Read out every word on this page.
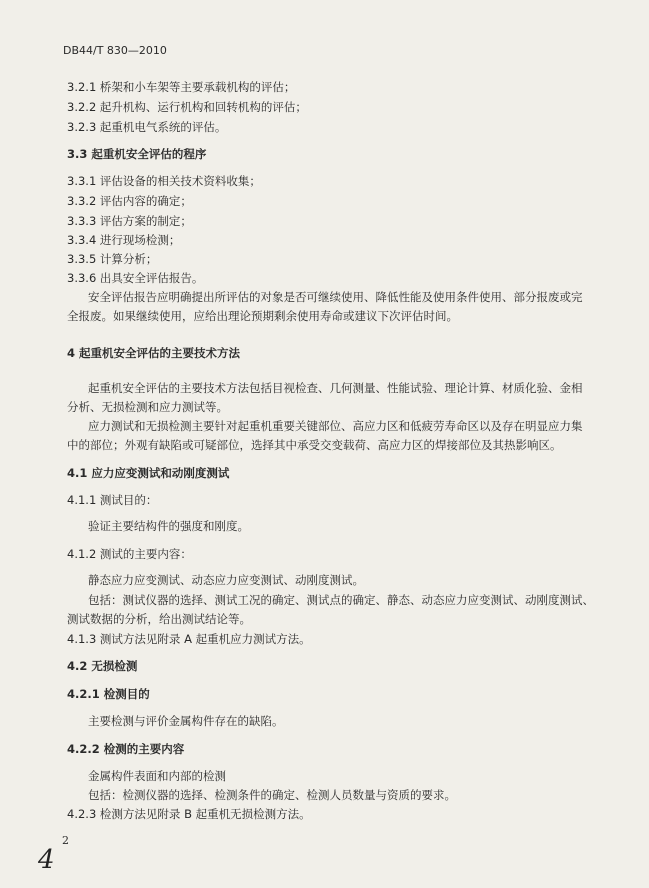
DB44/T 830—2010
3.2.1 桥架和小车架等主要承载机构的评估；
3.2.2 起升机构、运行机构和回转机构的评估；
3.2.3 起重机电气系统的评估。
3.3 起重机安全评估的程序
3.3.1 评估设备的相关技术资料收集；
3.3.2 评估内容的确定；
3.3.3 评估方案的制定；
3.3.4 进行现场检测；
3.3.5 计算分析；
3.3.6 出具安全评估报告。
安全评估报告应明确提出所评估的对象是否可继续使用、降低性能及使用条件使用、部分报废或完
全报废。如果继续使用，应给出理论预期剩余使用寿命或建议下次评估时间。
4 起重机安全评估的主要技术方法
起重机安全评估的主要技术方法包括目视检查、几何测量、性能试验、理论计算、材质化验、金相
分析、无损检测和应力测试等。
应力测试和无损检测主要针对起重机重要关键部位、高应力区和低疲劳寿命区以及存在明显应力集
中的部位；外观有缺陷或可疑部位，选择其中承受交变载荷、高应力区的焊接部位及其热影响区。
4.1 应力应变测试和动刚度测试
4.1.1 测试目的：
验证主要结构件的强度和刚度。
4.1.2 测试的主要内容：
静态应力应变测试、动态应力应变测试、动刚度测试。
包括：测试仪器的选择、测试工况的确定、测试点的确定、静态、动态应力应变测试、动刚度测试、
测试数据的分析，给出测试结论等。
4.1.3 测试方法见附录 A 起重机应力测试方法。
4.2 无损检测
4.2.1 检测目的
主要检测与评价金属构件存在的缺陷。
4.2.2 检测的主要内容
金属构件表面和内部的检测
包括：检测仪器的选择、检测条件的确定、检测人员数量与资质的要求。
4.2.3 检测方法见附录 B 起重机无损检测方法。
2
4
